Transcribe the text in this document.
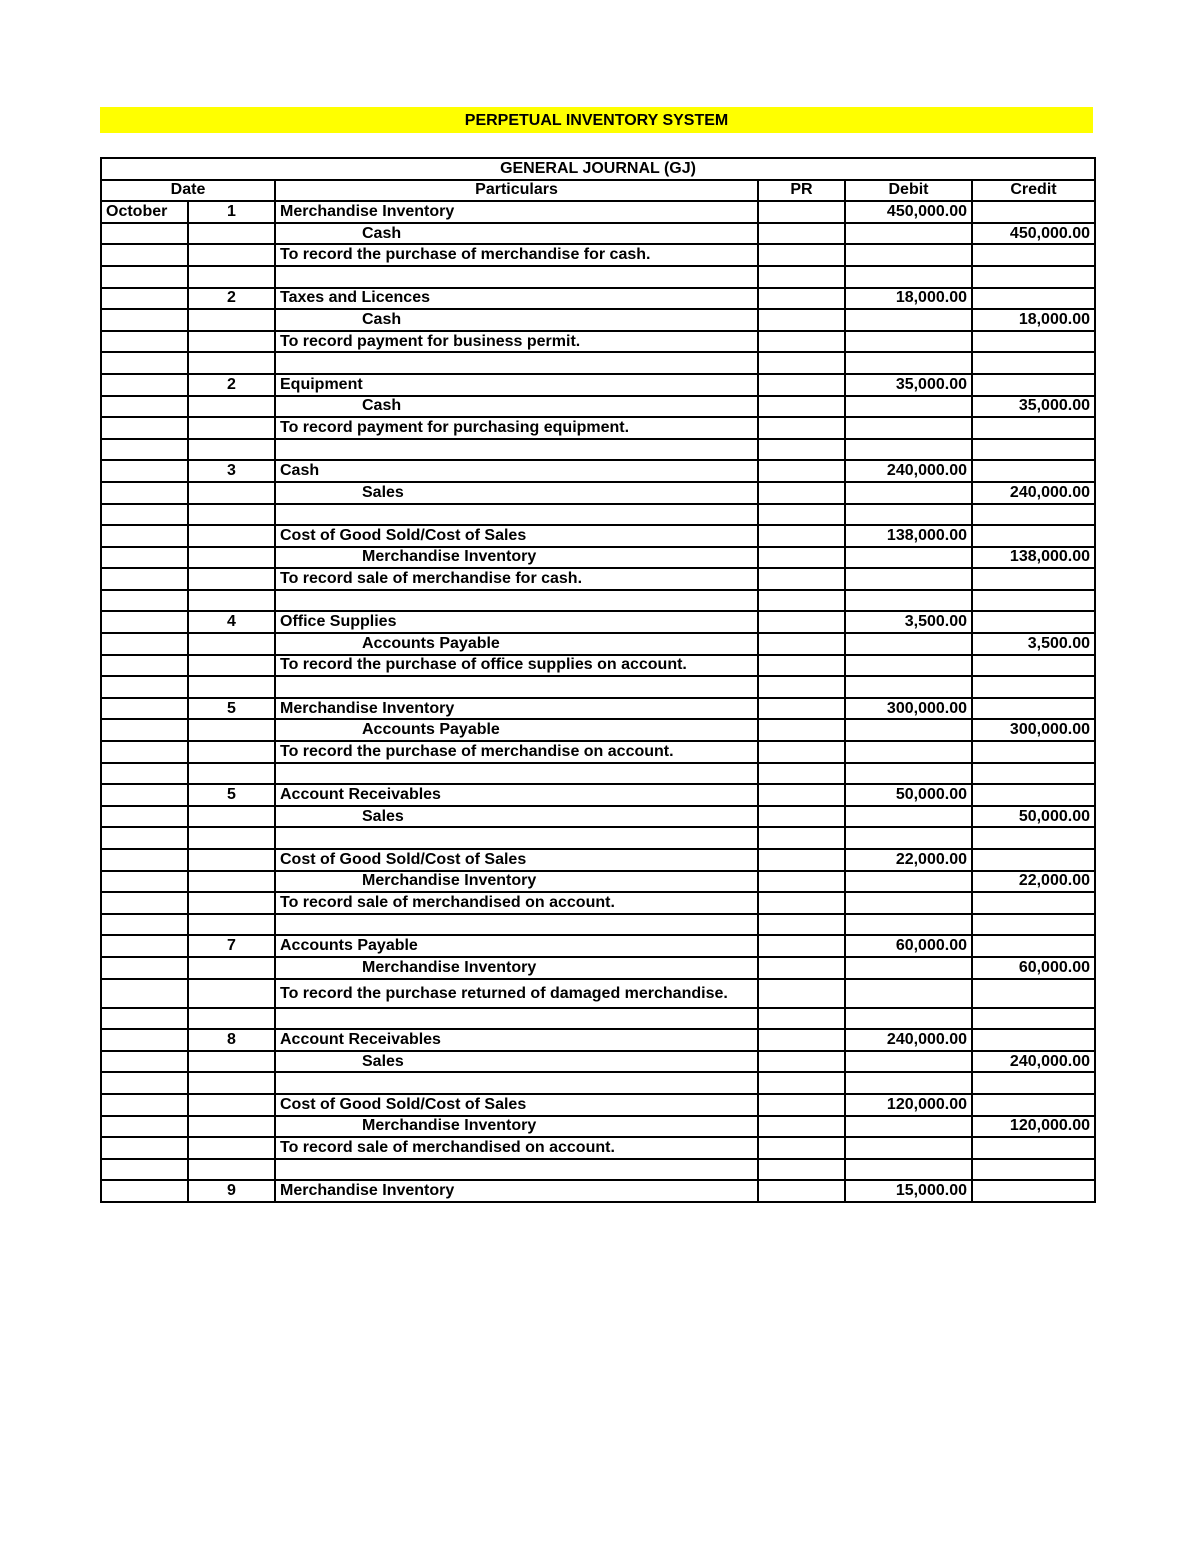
PERPETUAL INVENTORY SYSTEM
GENERAL JOURNAL (GJ)					
Date		Particulars	PR	Debit	Credit
October	1	Merchandise Inventory		450,000.00	
		Cash			450,000.00
		To record the purchase of merchandise for cash.			

	2	Taxes and Licences		18,000.00	
		Cash			18,000.00
		To record payment for business permit.			

	2	Equipment		35,000.00	
		Cash			35,000.00
		To record payment for purchasing equipment.			

	3	Cash		240,000.00	
		Sales			240,000.00

		Cost of Good Sold/Cost of Sales		138,000.00	
		Merchandise Inventory			138,000.00
		To record sale of merchandise for cash.			

	4	Office Supplies		3,500.00	
		Accounts Payable			3,500.00
		To record the purchase of office supplies on account.			

	5	Merchandise Inventory		300,000.00	
		Accounts Payable			300,000.00
		To record the purchase of merchandise on account.			

	5	Account Receivables		50,000.00	
		Sales			50,000.00

		Cost of Good Sold/Cost of Sales		22,000.00	
		Merchandise Inventory			22,000.00
		To record sale of merchandised on account.			

	7	Accounts Payable		60,000.00	
		Merchandise Inventory			60,000.00
		To record the purchase returned of damaged merchandise.			

	8	Account Receivables		240,000.00	
		Sales			240,000.00

		Cost of Good Sold/Cost of Sales		120,000.00	
		Merchandise Inventory			120,000.00
		To record sale of merchandised on account.			

	9	Merchandise Inventory		15,000.00	
